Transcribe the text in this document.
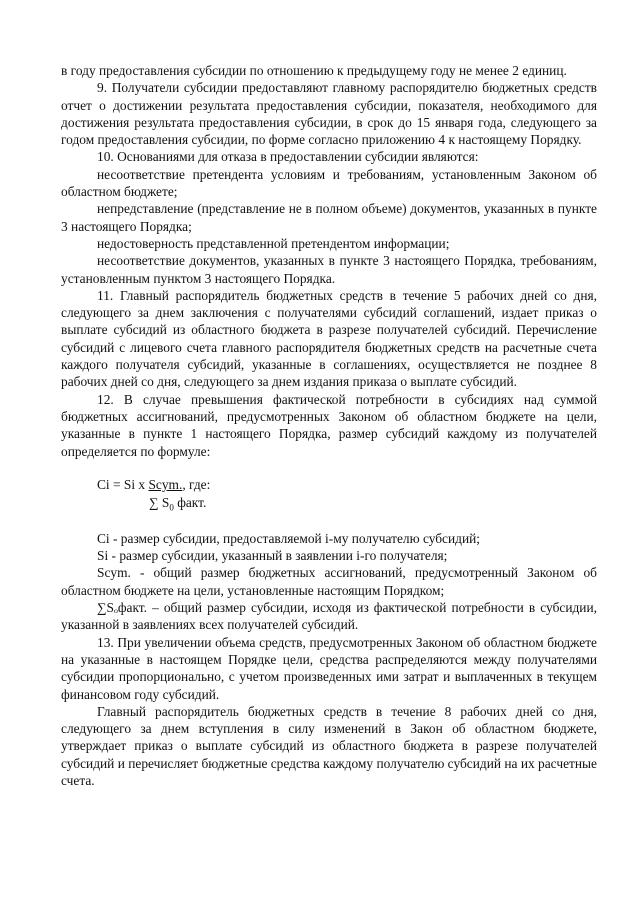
в году предоставления субсидии по отношению к предыдущему году не менее 2 единиц.

9. Получатели субсидии предоставляют главному распорядителю бюджетных средств отчет о достижении результата предоставления субсидии, показателя, необходимого для достижения результата предоставления субсидии, в срок до 15 января года, следующего за годом предоставления субсидии, по форме согласно приложению 4 к настоящему Порядку.

10. Основаниями для отказа в предоставлении субсидии являются:

несоответствие претендента условиям и требованиям, установленным Законом об областном бюджете;

непредставление (представление не в полном объеме) документов, указанных в пункте 3 настоящего Порядка;

недостоверность представленной претендентом информации;

несоответствие документов, указанных в пункте 3 настоящего Порядка, требованиям, установленным пунктом 3 настоящего Порядка.

11. Главный распорядитель бюджетных средств в течение 5 рабочих дней со дня, следующего за днем заключения с получателями субсидий соглашений, издает приказ о выплате субсидий из областного бюджета в разрезе получателей субсидий. Перечисление субсидий с лицевого счета главного распорядителя бюджетных средств на расчетные счета каждого получателя субсидий, указанные в соглашениях, осуществляется не позднее 8 рабочих дней со дня, следующего за днем издания приказа о выплате субсидий.

12. В случае превышения фактической потребности в субсидиях над суммой бюджетных ассигнований, предусмотренных Законом об областном бюджете на цели, указанные в пункте 1 настоящего Порядка, размер субсидий каждому из получателей определяется по формуле:

Ci = Si x Scym., где:
∑ $S_0$ факт.

Ci - размер субсидии, предоставляемой i-му получателю субсидий;

Si - размер субсидии, указанный в заявлении i-го получателя;

Scym. - общий размер бюджетных ассигнований, предусмотренный Законом об областном бюджете на цели, установленные настоящим Порядком;

∑Sₒфакт. – общий размер субсидии, исходя из фактической потребности в субсидии, указанной в заявлениях всех получателей субсидий.

13. При увеличении объема средств, предусмотренных Законом об областном бюджете на указанные в настоящем Порядке цели, средства распределяются между получателями субсидии пропорционально, с учетом произведенных ими затрат и выплаченных в текущем финансовом году субсидий.

Главный распорядитель бюджетных средств в течение 8 рабочих дней со дня, следующего за днем вступления в силу изменений в Закон об областном бюджете, утверждает приказ о выплате субсидий из областного бюджета в разрезе получателей субсидий и перечисляет бюджетные средства каждому получателю субсидий на их расчетные счета.
